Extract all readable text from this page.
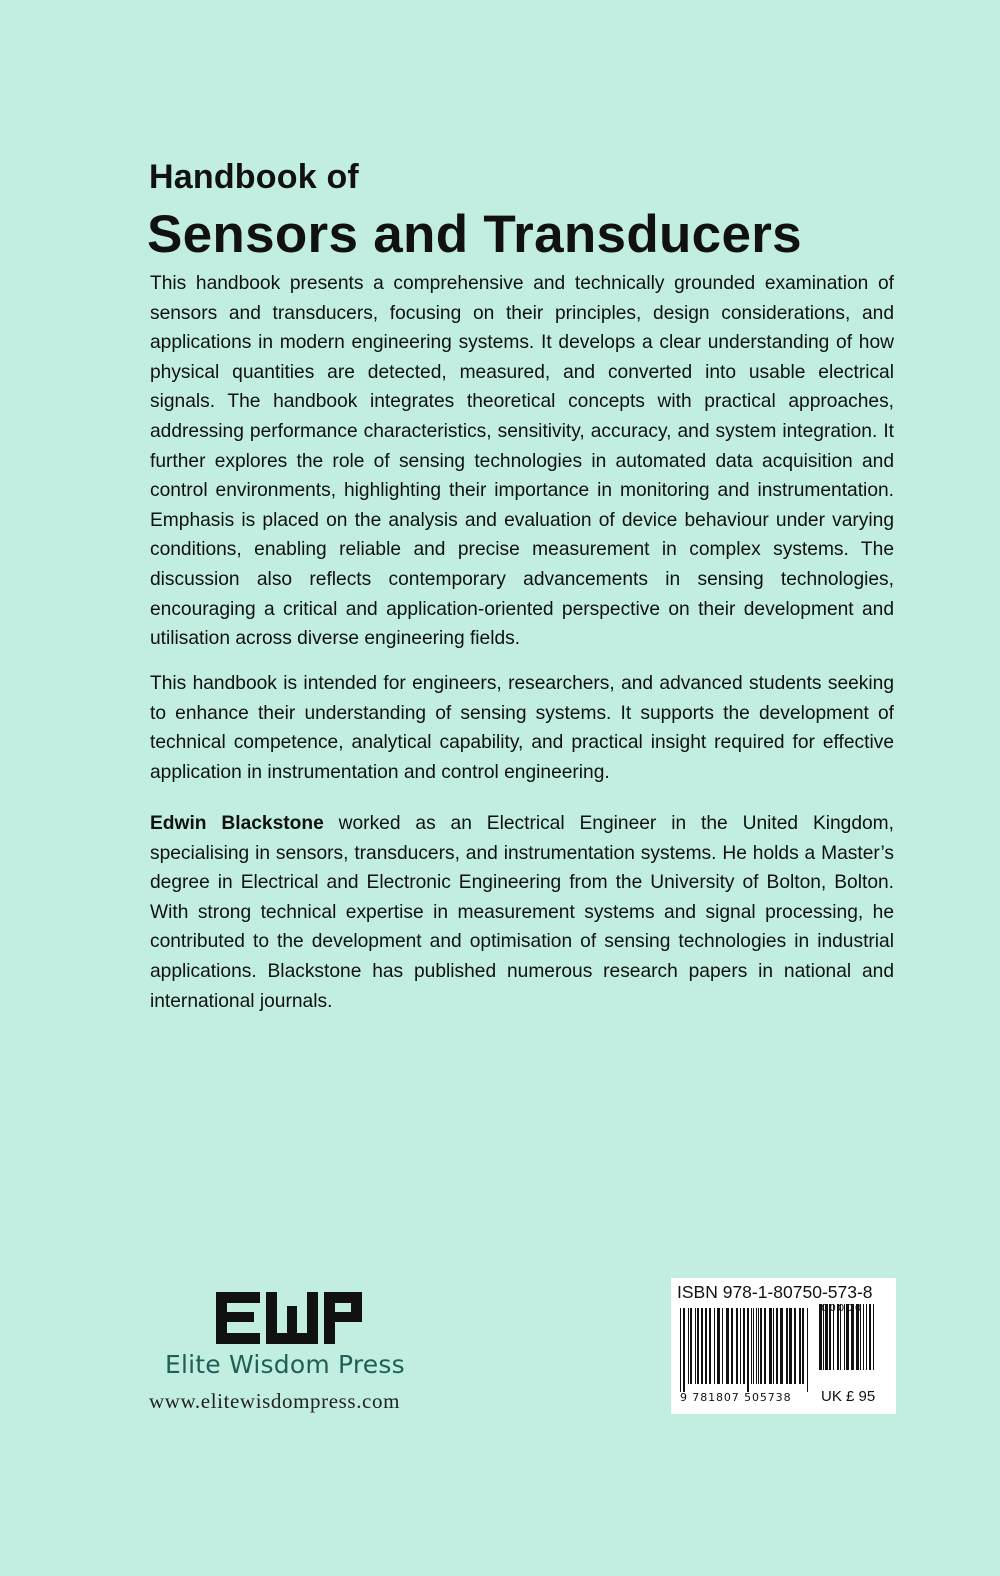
Handbook of
Sensors and Transducers

This handbook presents a comprehensive and technically grounded examination of sensors and transducers, focusing on their principles, design considerations, and applications in modern engineering systems. It develops a clear understanding of how physical quantities are detected, measured, and converted into usable electrical signals. The handbook integrates theoretical concepts with practical approaches, addressing performance characteristics, sensitivity, accuracy, and system integration. It further explores the role of sensing technologies in automated data acquisition and control environments, highlighting their importance in monitoring and instrumentation. Emphasis is placed on the analysis and evaluation of device behaviour under varying conditions, enabling reliable and precise measurement in complex systems. The discussion also reflects contemporary advancements in sensing technologies, encouraging a critical and application-oriented perspective on their development and utilisation across diverse engineering fields.

This handbook is intended for engineers, researchers, and advanced students seeking to enhance their understanding of sensing systems. It supports the development of technical competence, analytical capability, and practical insight required for effective application in instrumentation and control engineering.

Edwin Blackstone worked as an Electrical Engineer in the United Kingdom, specialising in sensors, transducers, and instrumentation systems. He holds a Master’s degree in Electrical and Electronic Engineering from the University of Bolton, Bolton. With strong technical expertise in measurement systems and signal processing, he contributed to the development and optimisation of sensing technologies in industrial applications. Blackstone has published numerous research papers in national and international journals.

Elite Wisdom Press
www.elitewisdompress.com
ISBN 978-1-80750-573-8
00000
9 781807 505738 UK £ 95
